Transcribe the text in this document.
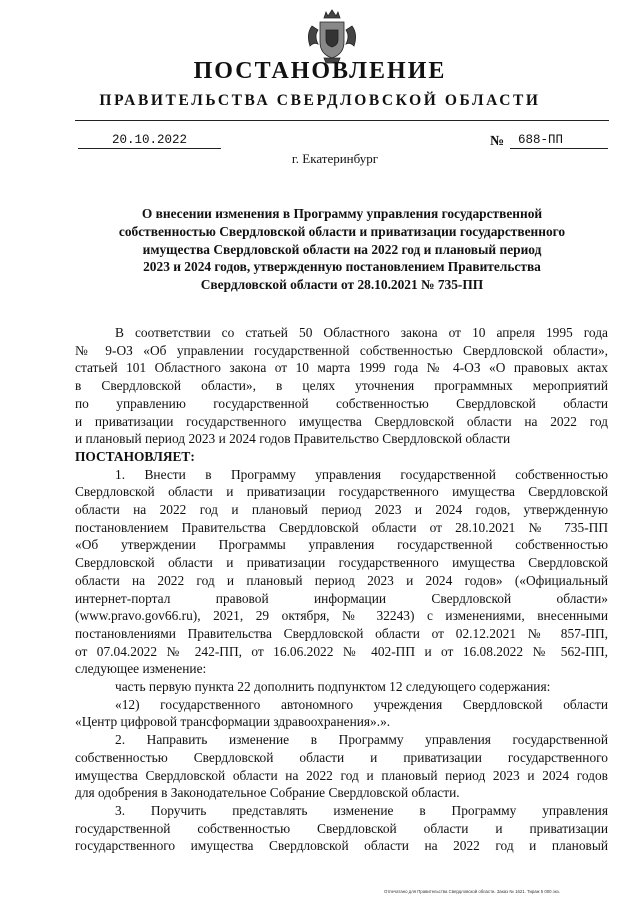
ПОСТАНОВЛЕНИЕ
ПРАВИТЕЛЬСТВА СВЕРДЛОВСКОЙ ОБЛАСТИ
20.10.2022	№	688-ПП
г. Екатеринбург
О внесении изменения в Программу управления государственной
собственностью Свердловской области и приватизации государственного
имущества Свердловской области на 2022 год и плановый период
2023 и 2024 годов, утвержденную постановлением Правительства
Свердловской области от 28.10.2021 № 735-ПП

В соответствии со статьей 50 Областного закона от 10 апреля 1995 года

№ 9-ОЗ «Об управлении государственной собственностью Свердловской области»,

статьей 101 Областного закона от 10 марта 1999 года № 4-ОЗ «О правовых актах

в Свердловской области», в целях уточнения программных мероприятий

по управлению государственной собственностью Свердловской области

и приватизации государственного имущества Свердловской области на 2022 год

и плановый период 2023 и 2024 годов Правительство Свердловской области

ПОСТАНОВЛЯЕТ:

1. Внести в Программу управления государственной собственностью

Свердловской области и приватизации государственного имущества Свердловской

области на 2022 год и плановый период 2023 и 2024 годов, утвержденную

постановлением Правительства Свердловской области от 28.10.2021 № 735-ПП

«Об утверждении Программы управления государственной собственностью

Свердловской области и приватизации государственного имущества Свердловской

области на 2022 год и плановый период 2023 и 2024 годов» («Официальный

интернет-портал правовой информации Свердловской области»

(www.pravo.gov66.ru), 2021, 29 октября, № 32243) с изменениями, внесенными

постановлениями Правительства Свердловской области от 02.12.2021 № 857-ПП,

от 07.04.2022 № 242-ПП, от 16.06.2022 № 402-ПП и от 16.08.2022 № 562-ПП,

следующее изменение:

часть первую пункта 22 дополнить подпунктом 12 следующего содержания:

«12) государственного автономного учреждения Свердловской области

«Центр цифровой трансформации здравоохранения».».

2. Направить изменение в Программу управления государственной

собственностью Свердловской области и приватизации государственного

имущества Свердловской области на 2022 год и плановый период 2023 и 2024 годов

для одобрения в Законодательное Собрание Свердловской области.

3. Поручить представлять изменение в Программу управления

государственной собственностью Свердловской области и приватизации

государственного имущества Свердловской области на 2022 год и плановый

Отпечатано для Правительства Свердловской области. Заказ № 1621. Тираж 5 000 экз.
